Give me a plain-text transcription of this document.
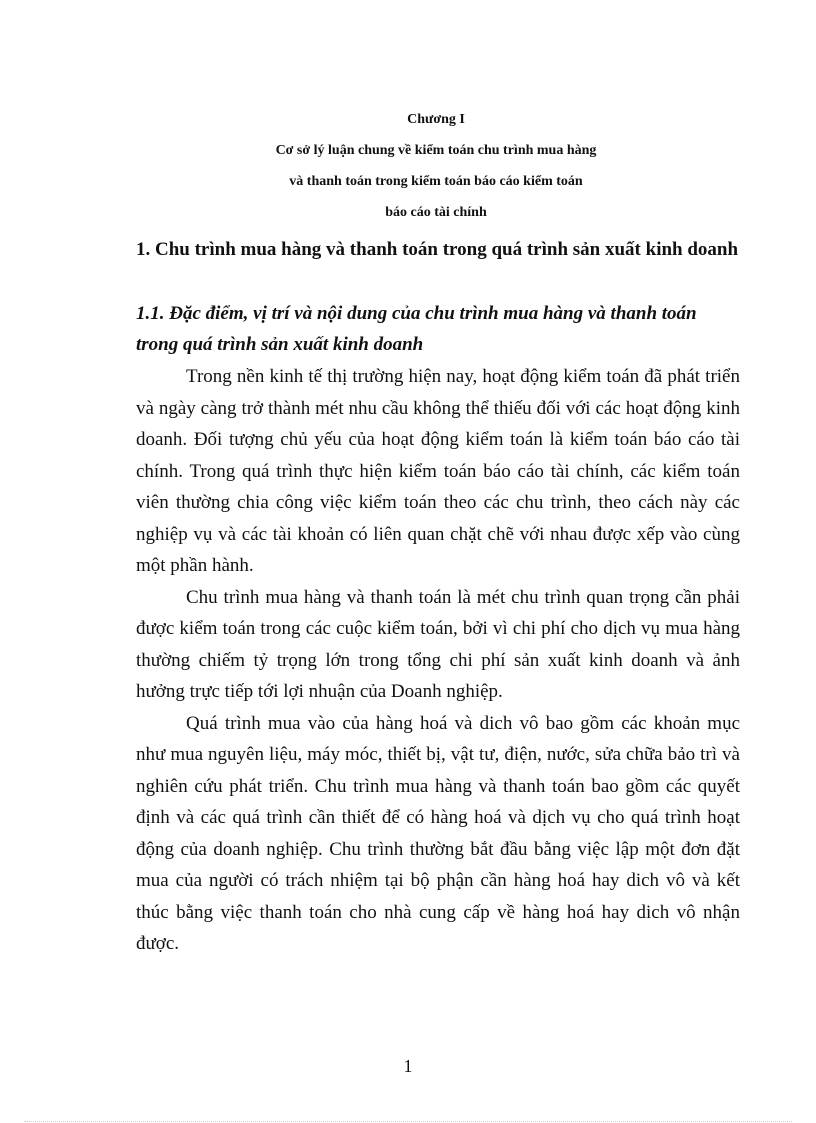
Chương I
Cơ sở lý luận chung về kiểm toán chu trình mua hàng
và thanh toán trong kiểm toán báo cáo kiểm toán
báo cáo tài chính
1. Chu trình mua hàng và thanh toán trong quá trình sản xuất kinh doanh
1.1. Đặc điểm, vị trí và nội dung của chu trình mua hàng và thanh toán
trong quá trình sản xuất kinh doanh

Trong nền kinh tế thị trường hiện nay, hoạt động kiểm toán đã phát triển và ngày càng trở thành mét nhu cầu không thể thiếu đối với các hoạt động kinh doanh. Đối tượng chủ yếu của hoạt động kiểm toán là kiểm toán báo cáo tài chính. Trong quá trình thực hiện kiểm toán báo cáo tài chính, các kiểm toán viên thường chia công việc kiểm toán theo các chu trình, theo cách này các nghiệp vụ và các tài khoản có liên quan chặt chẽ với nhau được xếp vào cùng một phần hành.

Chu trình mua hàng và thanh toán là mét chu trình quan trọng cần phải được kiểm toán trong các cuộc kiểm toán, bởi vì chi phí cho dịch vụ mua hàng thường chiếm tỷ trọng lớn trong tổng chi phí sản xuất kinh doanh và ảnh hưởng trực tiếp tới lợi nhuận của Doanh nghiệp.

Quá trình mua vào của hàng hoá và dich vô bao gồm các khoản mục như mua nguyên liệu, máy móc, thiết bị, vật tư, điện, nước, sửa chữa bảo trì và nghiên cứu phát triển. Chu trình mua hàng và thanh toán bao gồm các quyết định và các quá trình cần thiết để có hàng hoá và dịch vụ cho quá trình hoạt động của doanh nghiệp. Chu trình thường bắt đầu bằng việc lập một đơn đặt mua của người có trách nhiệm tại bộ phận cần hàng hoá hay dich vô và kết thúc bằng việc thanh toán cho nhà cung cấp về hàng hoá hay dich vô nhận được.

1
